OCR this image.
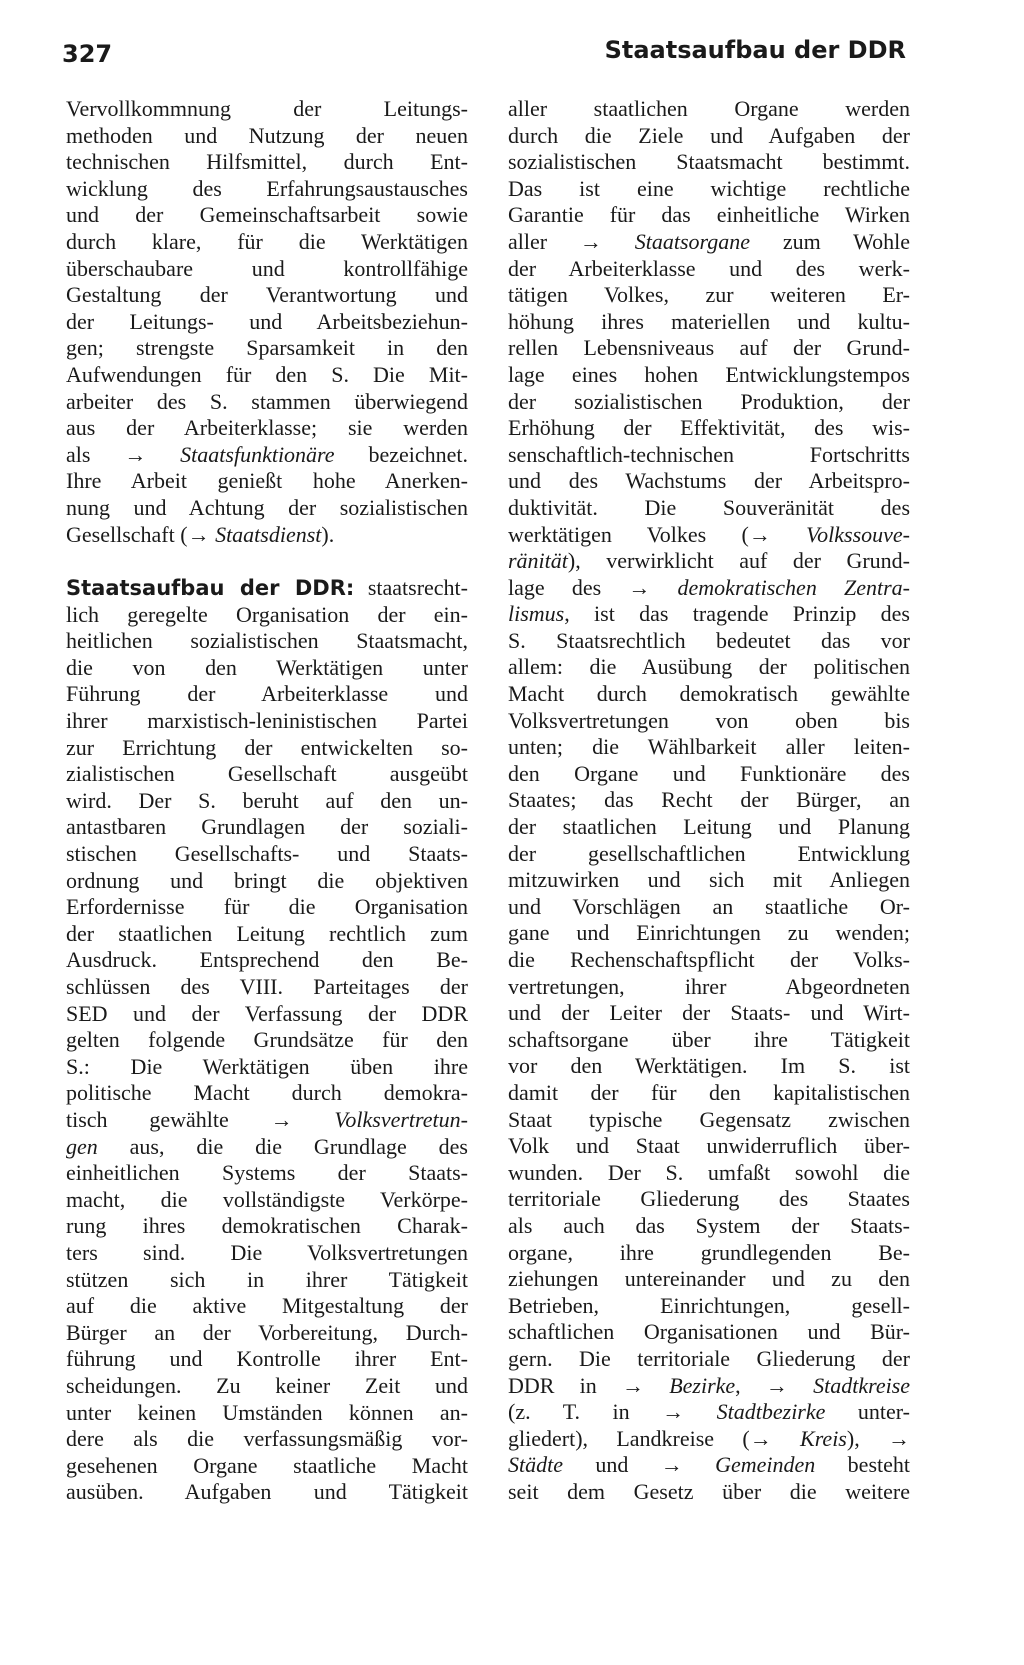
327	Staatsaufbau der DDR
Vervollkommnung der Leitungs-
methoden und Nutzung der neuen
technischen Hilfsmittel, durch Ent-
wicklung des Erfahrungsaustausches
und der Gemeinschaftsarbeit sowie
durch klare, für die Werktätigen
überschaubare und kontrollfähige
Gestaltung der Verantwortung und
der Leitungs- und Arbeitsbeziehun-
gen; strengste Sparsamkeit in den
Aufwendungen für den S. Die Mit-
arbeiter des S. stammen überwiegend
aus der Arbeiterklasse; sie werden
als → Staatsfunktionäre bezeichnet.
Ihre Arbeit genießt hohe Anerken-
nung und Achtung der sozialistischen
Gesellschaft (→ Staatsdienst).
Staatsaufbau der DDR: staatsrecht-
lich geregelte Organisation der ein-
heitlichen sozialistischen Staatsmacht,
die von den Werktätigen unter
Führung der Arbeiterklasse und
ihrer marxistisch-leninistischen Partei
zur Errichtung der entwickelten so-
zialistischen Gesellschaft ausgeübt
wird. Der S. beruht auf den un-
antastbaren Grundlagen der soziali-
stischen Gesellschafts- und Staats-
ordnung und bringt die objektiven
Erfordernisse für die Organisation
der staatlichen Leitung rechtlich zum
Ausdruck. Entsprechend den Be-
schlüssen des VIII. Parteitages der
SED und der Verfassung der DDR
gelten folgende Grundsätze für den
S.: Die Werktätigen üben ihre
politische Macht durch demokra-
tisch gewählte → Volksvertretun-
gen aus, die die Grundlage des
einheitlichen Systems der Staats-
macht, die vollständigste Verkörpe-
rung ihres demokratischen Charak-
ters sind. Die Volksvertretungen
stützen sich in ihrer Tätigkeit
auf die aktive Mitgestaltung der
Bürger an der Vorbereitung, Durch-
führung und Kontrolle ihrer Ent-
scheidungen. Zu keiner Zeit und
unter keinen Umständen können an-
dere als die verfassungsmäßig vor-
gesehenen Organe staatliche Macht
ausüben. Aufgaben und Tätigkeit
aller staatlichen Organe werden
durch die Ziele und Aufgaben der
sozialistischen Staatsmacht bestimmt.
Das ist eine wichtige rechtliche
Garantie für das einheitliche Wirken
aller → Staatsorgane zum Wohle
der Arbeiterklasse und des werk-
tätigen Volkes, zur weiteren Er-
höhung ihres materiellen und kultu-
rellen Lebensniveaus auf der Grund-
lage eines hohen Entwicklungstempos
der sozialistischen Produktion, der
Erhöhung der Effektivität, des wis-
senschaftlich-technischen Fortschritts
und des Wachstums der Arbeitspro-
duktivität. Die Souveränität des
werktätigen Volkes (→ Volkssouve-
ränität), verwirklicht auf der Grund-
lage des → demokratischen Zentra-
lismus, ist das tragende Prinzip des
S. Staatsrechtlich bedeutet das vor
allem: die Ausübung der politischen
Macht durch demokratisch gewählte
Volksvertretungen von oben bis
unten; die Wählbarkeit aller leiten-
den Organe und Funktionäre des
Staates; das Recht der Bürger, an
der staatlichen Leitung und Planung
der gesellschaftlichen Entwicklung
mitzuwirken und sich mit Anliegen
und Vorschlägen an staatliche Or-
gane und Einrichtungen zu wenden;
die Rechenschaftspflicht der Volks-
vertretungen, ihrer Abgeordneten
und der Leiter der Staats- und Wirt-
schaftsorgane über ihre Tätigkeit
vor den Werktätigen. Im S. ist
damit der für den kapitalistischen
Staat typische Gegensatz zwischen
Volk und Staat unwiderruflich über-
wunden. Der S. umfaßt sowohl die
territoriale Gliederung des Staates
als auch das System der Staats-
organe, ihre grundlegenden Be-
ziehungen untereinander und zu den
Betrieben, Einrichtungen, gesell-
schaftlichen Organisationen und Bür-
gern. Die territoriale Gliederung der
DDR in → Bezirke, → Stadtkreise
(z. T. in → Stadtbezirke unter-
gliedert), Landkreise (→ Kreis), →
Städte und → Gemeinden besteht
seit dem Gesetz über die weitere
